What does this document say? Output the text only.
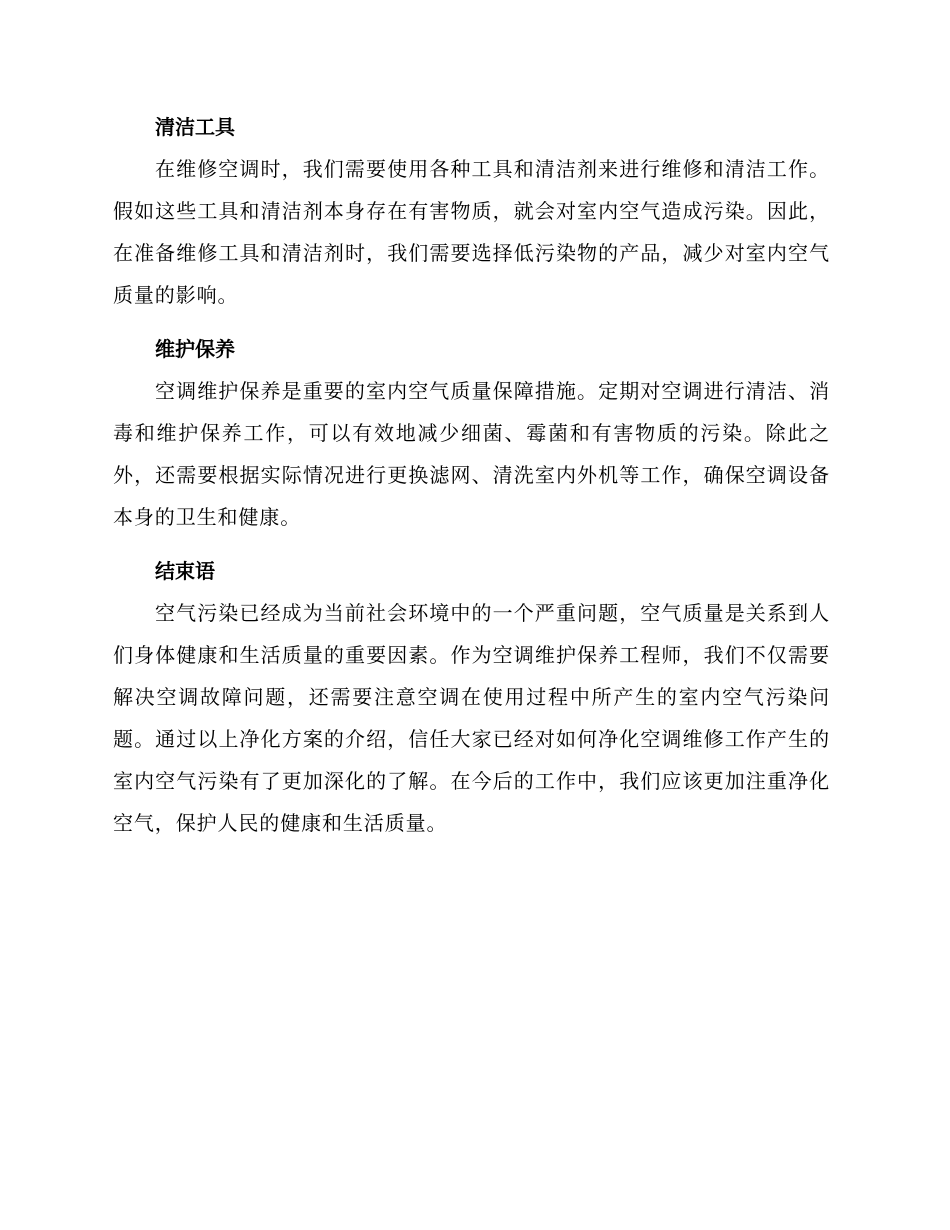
清洁工具

在维修空调时，我们需要使用各种工具和清洁剂来进行维修和清洁工作。假如这些工具和清洁剂本身存在有害物质，就会对室内空气造成污染。因此，在准备维修工具和清洁剂时，我们需要选择低污染物的产品，减少对室内空气质量的影响。

维护保养

空调维护保养是重要的室内空气质量保障措施。定期对空调进行清洁、消毒和维护保养工作，可以有效地减少细菌、霉菌和有害物质的污染。除此之外，还需要根据实际情况进行更换滤网、清洗室内外机等工作，确保空调设备本身的卫生和健康。

结束语

空气污染已经成为当前社会环境中的一个严重问题，空气质量是关系到人们身体健康和生活质量的重要因素。作为空调维护保养工程师，我们不仅需要解决空调故障问题，还需要注意空调在使用过程中所产生的室内空气污染问题。通过以上净化方案的介绍，信任大家已经对如何净化空调维修工作产生的室内空气污染有了更加深化的了解。在今后的工作中，我们应该更加注重净化空气，保护人民的健康和生活质量。
